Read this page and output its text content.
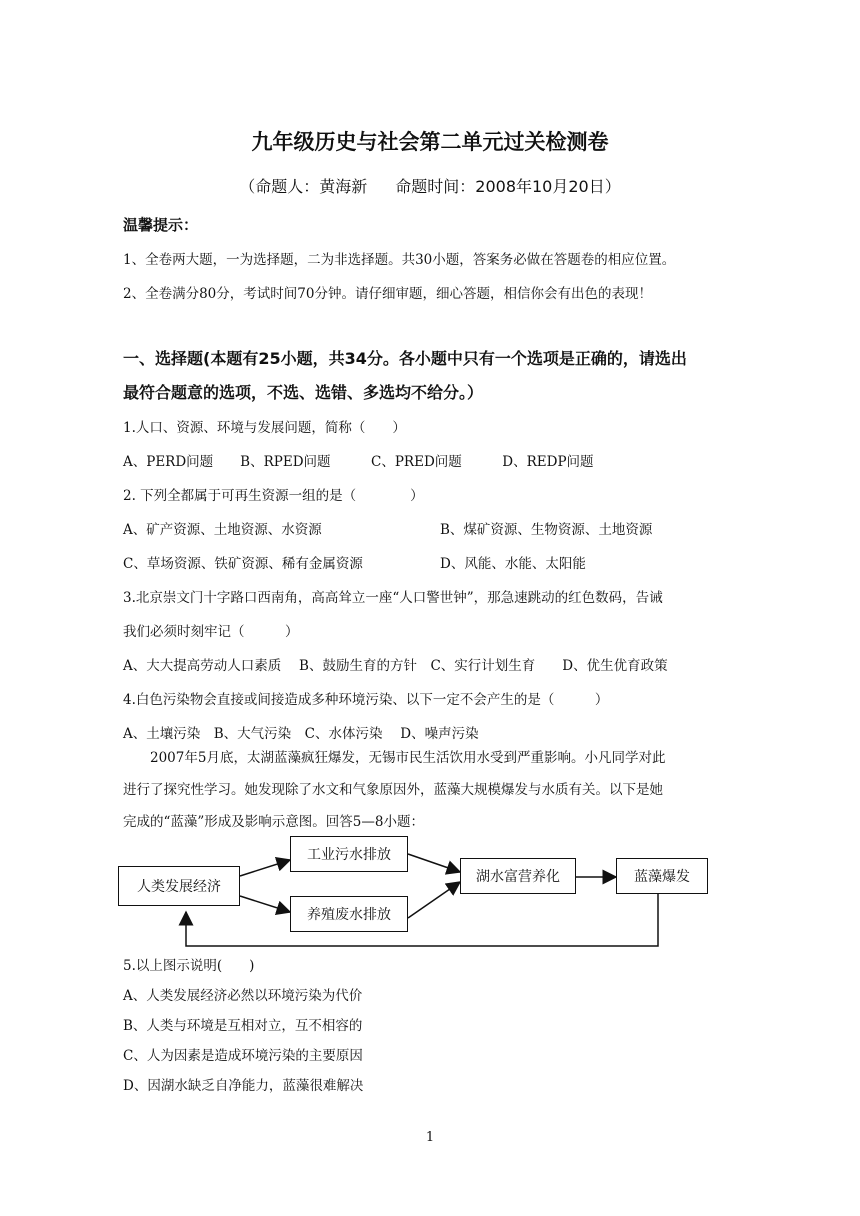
九年级历史与社会第二单元过关检测卷
（命题人：黄海新 命题时间：2008年10月20日）
温馨提示：
1、全卷两大题，一为选择题，二为非选择题。共30小题，答案务必做在答题卷的相应位置。
2、全卷满分80分，考试时间70分钟。请仔细审题，细心答题，相信你会有出色的表现！
一、选择题(本题有25小题，共34分。各小题中只有一个选项是正确的，请选出
最符合题意的选项，不选、选错、多选均不给分。）
1.人口、资源、环境与发展问题，简称（　　）
A、PERD问题　　B、RPED问题　　　C、PRED问题　　　D、REDP问题
2. 下列全都属于可再生资源一组的是（　　　　）
A、矿产资源、土地资源、水资源	B、煤矿资源、生物资源、土地资源
C、草场资源、铁矿资源、稀有金属资源	D、风能、水能、太阳能
3.北京崇文门十字路口西南角，高高耸立一座“人口警世钟”，那急速跳动的红色数码，告诫
我们必须时刻牢记（　　　）
A、大大提高劳动人口素质　 B、鼓励生育的方针　C、实行计划生育　　D、优生优育政策
4.白色污染物会直接或间接造成多种环境污染、以下一定不会产生的是（　　　）
A、土壤污染　B、大气污染　C、水体污染　 D、噪声污染
2007年5月底，太湖蓝藻疯狂爆发，无锡市民生活饮用水受到严重影响。小凡同学对此
进行了探究性学习。她发现除了水文和气象原因外，蓝藻大规模爆发与水质有关。以下是她
完成的“蓝藻”形成及影响示意图。回答5—8小题：
人类发展经济
工业污水排放
养殖废水排放
湖水富营养化	蓝藻爆发
5.以上图示说明(　　)
A、人类发展经济必然以环境污染为代价
B、人类与环境是互相对立，互不相容的
C、人为因素是造成环境污染的主要原因
D、因湖水缺乏自净能力，蓝藻很难解决
1
